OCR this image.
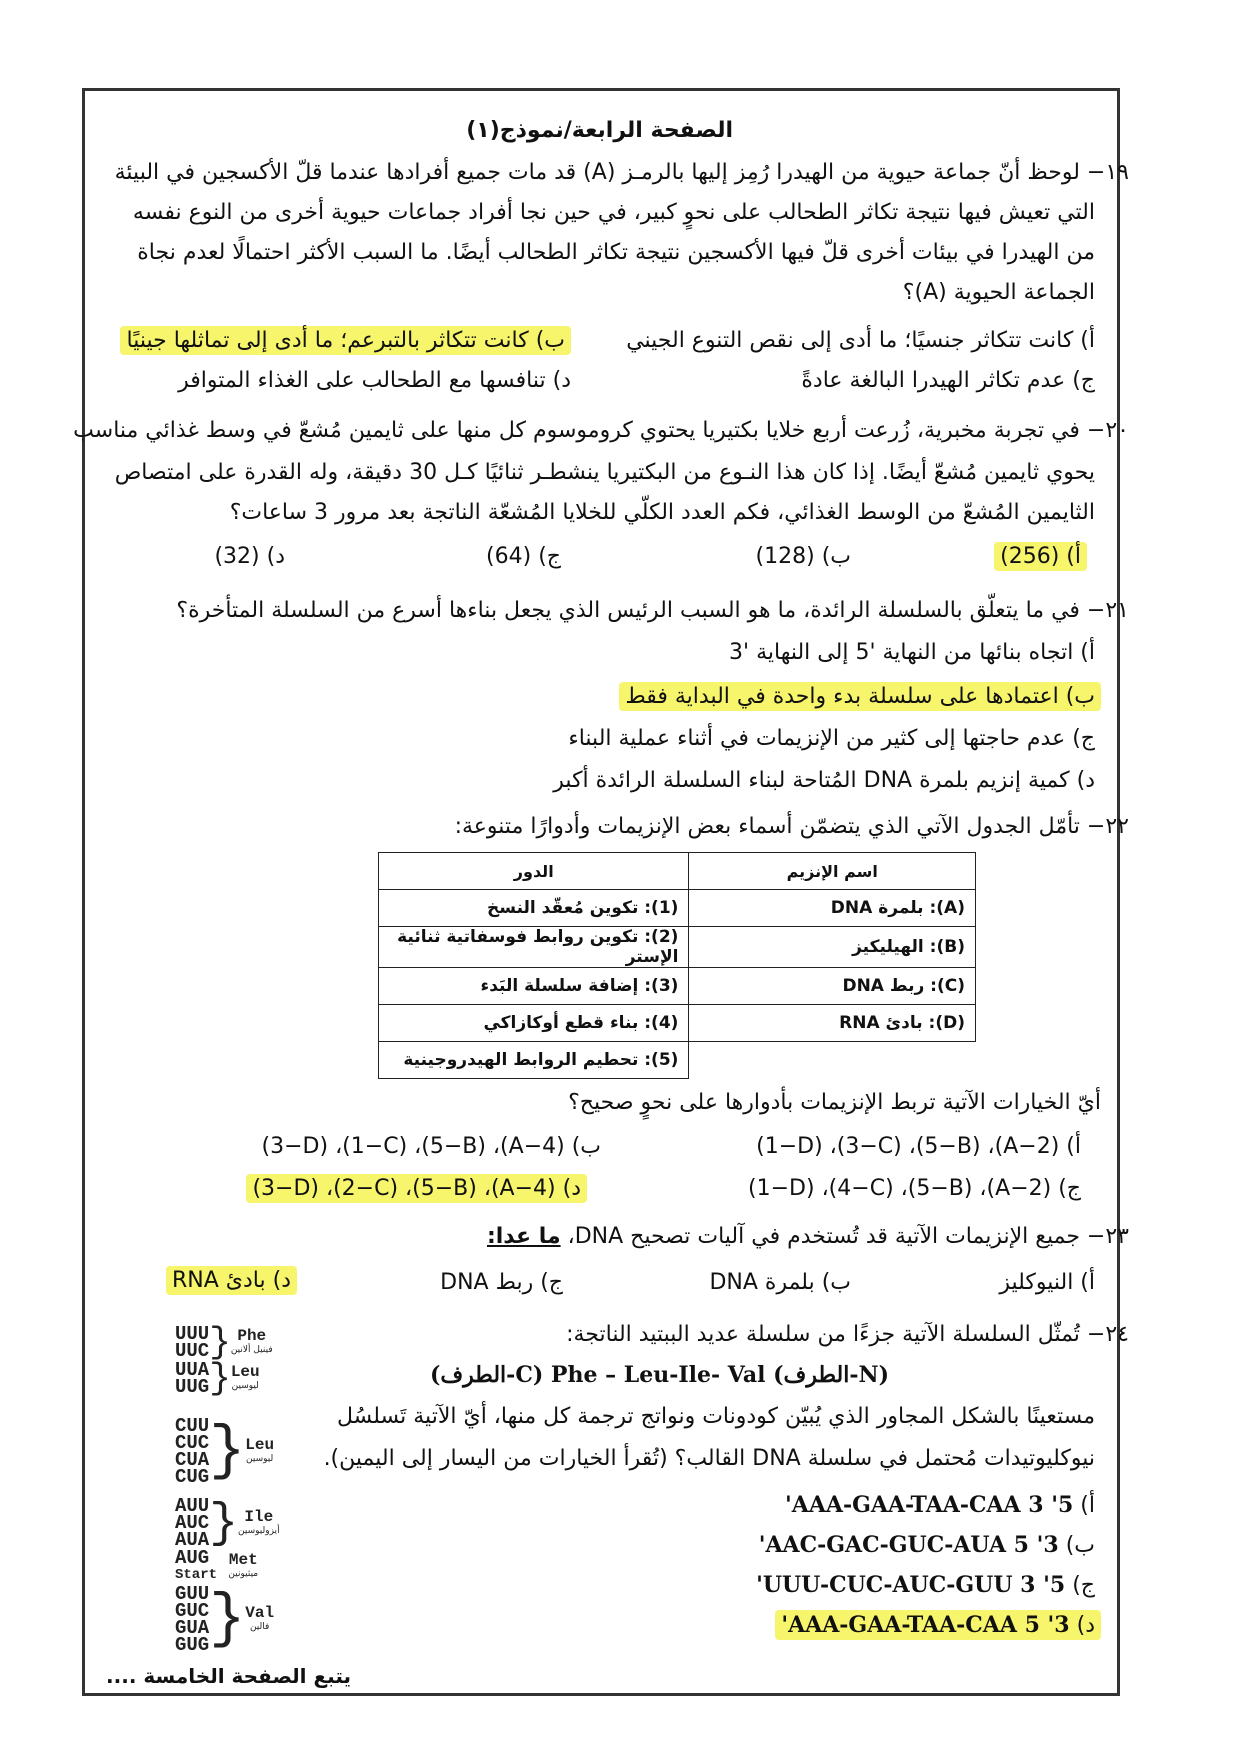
الصفحة الرابعة/نموذج(١)
١٩− لوحظ أنّ جماعة حيوية من الهيدرا رُمِز إليها بالرمـز (A) قد مات جميع أفرادها عندما قلّ الأكسجين في البيئة
التي تعيش فيها نتيجة تكاثر الطحالب على نحوٍ كبير، في حين نجا أفراد جماعات حيوية أخرى من النوع نفسه
من الهيدرا في بيئات أخرى قلّ فيها الأكسجين نتيجة تكاثر الطحالب أيضًا. ما السبب الأكثر احتمالًا لعدم نجاة
الجماعة الحيوية (A)؟
أ) كانت تتكاثر جنسيًا؛ ما أدى إلى نقص التنوع الجيني
ب) كانت تتكاثر بالتبرعم؛ ما أدى إلى تماثلها جينيًا
ج) عدم تكاثر الهيدرا البالغة عادةً
د) تنافسها مع الطحالب على الغذاء المتوافر
٢٠− في تجربة مخبرية، زُرعت أربع خلايا بكتيريا يحتوي كروموسوم كل منها على ثايمين مُشعّ في وسط غذائي مناسب
يحوي ثايمين مُشعّ أيضًا. إذا كان هذا النـوع من البكتيريا ينشطـر ثنائيًا كـل 30 دقيقة، وله القدرة على امتصاص
الثايمين المُشعّ من الوسط الغذائي، فكم العدد الكلّي للخلايا المُشعّة الناتجة بعد مرور 3 ساعات؟
أ) (256)
ب) (128)
ج) (64)
د) (32)
٢١− في ما يتعلّق بالسلسلة الرائدة، ما هو السبب الرئيس الذي يجعل بناءها أسرع من السلسلة المتأخرة؟
أ) اتجاه بنائها من النهاية '5 إلى النهاية '3
ب) اعتمادها على سلسلة بدء واحدة في البداية فقط
ج) عدم حاجتها إلى كثير من الإنزيمات في أثناء عملية البناء
د) كمية إنزيم بلمرة DNA المُتاحة لبناء السلسلة الرائدة أكبر
٢٢− تأمّل الجدول الآتي الذي يتضمّن أسماء بعض الإنزيمات وأدوارًا متنوعة:
اسم الإنزيم	الدور
(A): بلمرة DNA	(1): تكوين مُعقّد النسخ
(B): الهيليكيز	(2): تكوين روابط فوسفاتية ثنائية الإستر
(C): ربط DNA	(3): إضافة سلسلة البَدء
(D): بادئ RNA	(4): بناء قطع أوكازاكي
	(5): تحطيم الروابط الهيدروجينية
أيّ الخيارات الآتية تربط الإنزيمات بأدوارها على نحوٍ صحيح؟
أ) (2−A)، (5−B)، (3−C)، (1−D)
ب) (4−A)، (5−B)، (1−C)، (3−D)
ج) (2−A)، (5−B)، (4−C)، (1−D)
د) (4−A)، (5−B)، (2−C)، (3−D)
٢٣− جميع الإنزيمات الآتية قد تُستخدم في آليات تصحيح DNA، ما عدا:
أ) النيوكليز
ب) بلمرة DNA
ج) ربط DNA
د) بادئ RNA
٢٤− تُمثّل السلسلة الآتية جزءًا من سلسلة عديد الببتيد الناتجة:
(N-الطرف) Phe – Leu-Ile- Val (C-الطرف)
مستعينًا بالشكل المجاور الذي يُبيّن كودونات ونواتج ترجمة كل منها، أيّ الآتية تَسلسُل
نيوكليوتيدات مُحتمل في سلسلة DNA القالب؟ (تُقرأ الخيارات من اليسار إلى اليمين).
أ) 5' AAA-GAA-TAA-CAA 3'
ب) 3' AAC-GAC-GUC-AUA 5'
ج) 5' UUU-CUC-AUC-GUU 3'
د) 3' AAA-GAA-TAA-CAA 5'
UUU
UUC } Phe
فينيل ألانين
UUA
UUG } Leu
ليوسين
CUU
CUC
CUA
CUG } Leu
ليوسين
AUU
AUC
AUA } Ile
أيزوليوسين
AUG
Start

Met
ميثيونين
GUU
GUC
GUA
GUG } Val
فالين
يتبع الصفحة الخامسة ....
